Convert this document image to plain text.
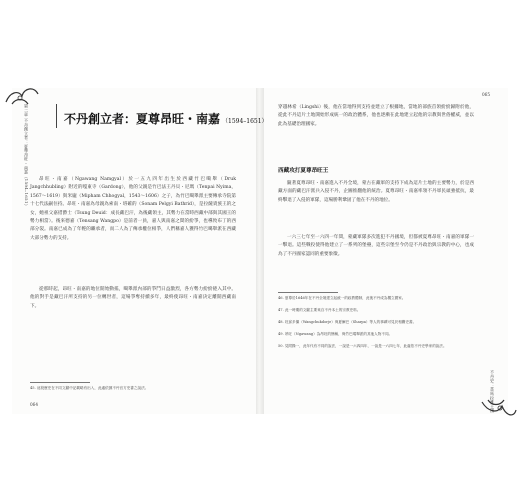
第二章 不丹創立者：夏尊昂旺・南嘉（1594–1651）	不丹創立者：夏尊昂旺・南嘉 （1594–1651）

昂旺・南嘉（Ngawang Namgyal）於一五九四年出生於西藏竹巴噶舉（Druk Jangchhubling）附近的嘎東寺（Gardong），他的父親是竹巴法王丹貝・尼瑪（Tenpai Nyima，1567～1619）與米龐（Mipham Chhogyal，1543～1606）之子，為竹巴噶舉派主要傳承寺院第十七代法嗣住持。昂旺・南嘉為母親為索南・班確的（Sonam Pelgyi Bathrid），是拉薩貴族王的之女，她祖父嘉措爵士（Tsung Deuid：成長藏巴汗，為後藏領主，其勢力在當時西藏中部與其國王的勢力相當）。後來德嘉（Tensang Wangpo）是前者一員，嘉人與南嘉之間的紛爭，也導致布丁的西部分裂。南嘉已成為了年輕的繼承者，而二人為了傳承權位相爭，人們稱嘉人獲得竹巴噶舉派在西藏大部分勢力的支持。

從那時起，昂旺・南嘉的地位開始動搖，噶舉派內部的爭鬥日益激烈，各方勢力紛紛捲入其中。他的對手是藏巴汗所支持的另一位轉世者，這場爭奪持續多年，最終使昂旺・南嘉決定離開西藏南下。

45. 這段歷史在不同文獻中記載略有出入，此處依據不丹官方史書之說法。

064
065

穿越林希（Lingshi）後，他在當地得到支持並建立了根據地，當地的部族首領紛紛歸附於他，從此不丹這片土地開始形成統一的政治體系，他也逐漸在此地建立起他的宗教與世俗權威，並以此為基礎治理國家。

西藏攻打夏尊昂旺王

隨著夏尊昂旺・南嘉進入不丹全境，蒙古在藏軍的支持下成為這片土地的主要勢力，於是西藏方面的藏巴汗派兵入侵不丹，企圖推翻他的統治。夏尊昂旺・南嘉率領不丹軍民頑強抵抗，最終擊退了入侵的軍隊，這場勝利鞏固了他在不丹的地位。

一六三七年至一六四一年間，蒙藏軍隊多次進犯不丹國境，但都被夏尊昂旺・南嘉的軍隊一一擊退。這些戰役使得他建立了一系列的堡壘，這些宗堡至今仍是不丹政治與宗教的中心，也成為了不丹國家認同的重要象徵。

46. 夏尊於1646年在不丹全境建立起統一的政教體制，此後不丹成為獨立國家。

47. 此一時期的文獻主要來自不丹本土的宗教史料。

48. 旺邱多傑（Wangchukdorje）與夏爾巴（Sharpa）等人的事蹟可見於相關史書。

49. 昂旺（Ngawang）為昂旺的簡稱，與竹巴噶舉派的其他人物不同。

50. 見附錄一，此年代有不同的說法，一說是一六四四年，一說是一六四七年，此處依不丹史學家的說法。

不丹史：喜馬拉雅王國
